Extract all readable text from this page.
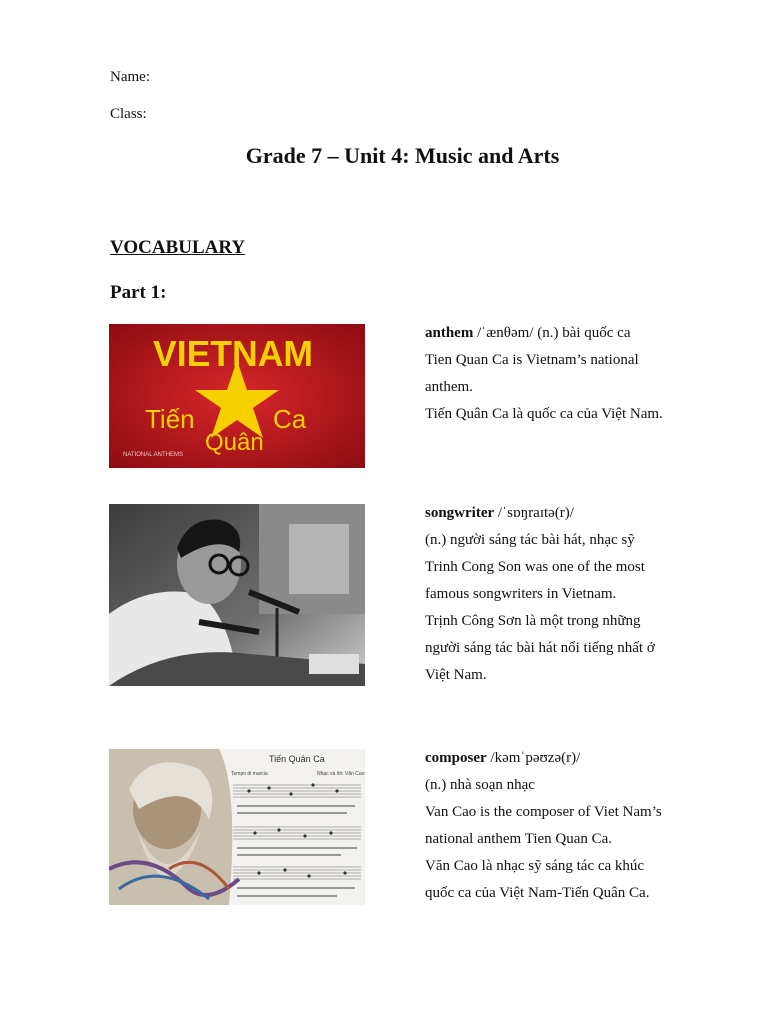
Name:
Class:
Grade 7 – Unit 4: Music and Arts
VOCABULARY
Part 1:
VIETNAM
Tiến	Ca
Quân
NATIONAL ANTHEMS
Tiến Quân Ca
Tempo di marcia	Nhạc và lời: Văn Cao
anthem /ˈænθəm/ (n.) bài quốc ca
Tien Quan Ca is Vietnam’s national
anthem.
Tiến Quân Ca là quốc ca của Việt Nam.
songwriter /ˈsɒŋraɪtə(r)/
(n.) người sáng tác bài hát, nhạc sỹ
Trinh Cong Son was one of the most
famous songwriters in Vietnam.
Trịnh Công Sơn là một trong những
người sáng tác bài hát nổi tiếng nhất ở
Việt Nam.
composer /kəmˈpəʊzə(r)/
(n.) nhà soạn nhạc
Van Cao is the composer of Viet Nam’s
national anthem Tien Quan Ca.
Văn Cao là nhạc sỹ sáng tác ca khúc
quốc ca của Việt Nam-Tiến Quân Ca.
